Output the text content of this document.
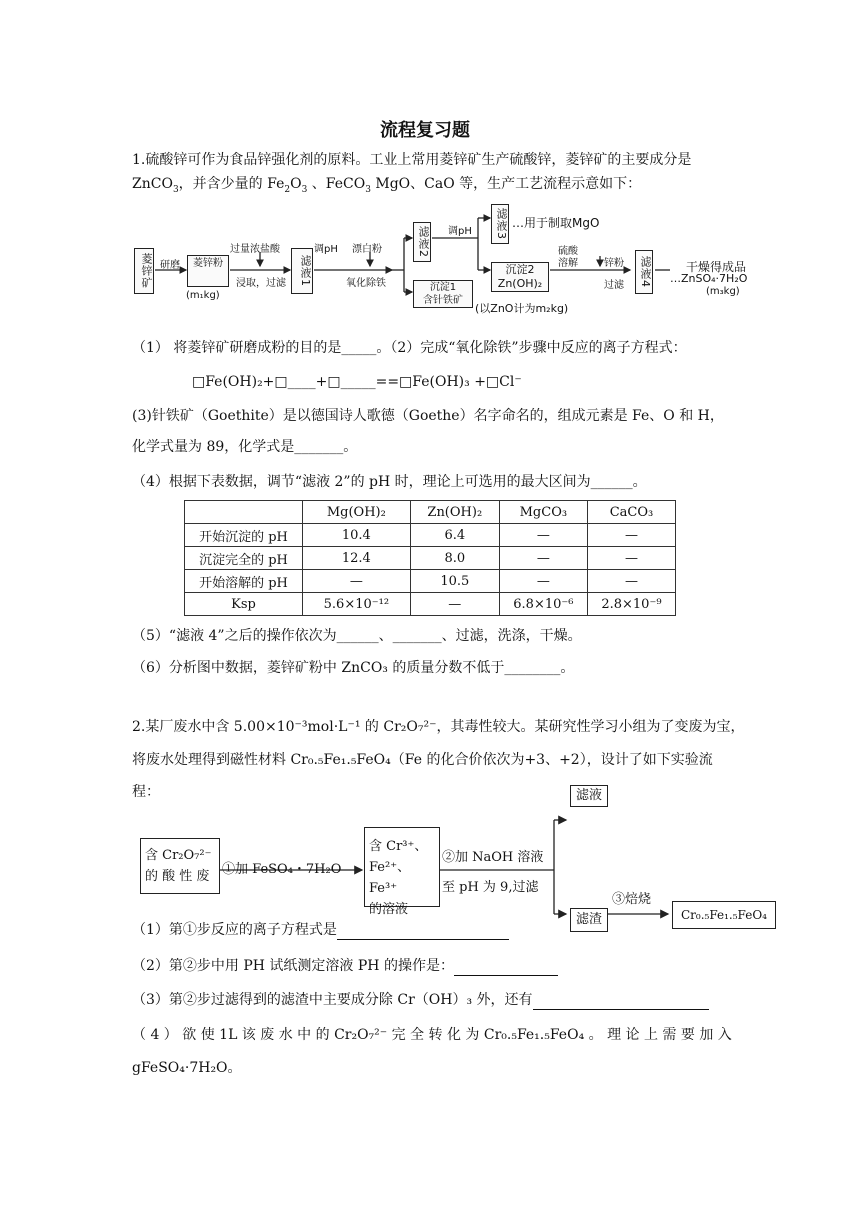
流程复习题
1.硫酸锌可作为食品锌强化剂的原料。工业上常用菱锌矿生产硫酸锌，菱锌矿的主要成分是
ZnCO$_3$，并含少量的 $Fe_2O_3$ 、FeCO$_3$ MgO、CaO 等，生产工艺流程示意如下：
菱锌矿 研磨	菱锌粉
(m₁kg)
过量浓盐酸
浸取，过滤	滤液1
调pH 漂白粉
氧化除铁
滤液2
沉淀1
含针铁矿
调pH	滤液3 …用于制取MgO
沉淀2
Zn(OH)₂
(以ZnO计为m₂kg)
硫酸
溶解	锌粉
过滤	滤液4	干燥得成品
…ZnSO₄·7H₂O
(m₃kg)
（1） 将菱锌矿研磨成粉的目的是_____。（2）完成“氧化除铁”步骤中反应的离子方程式：
□Fe(OH)₂+□____+□_____==□Fe(OH)₃ +□Cl⁻
(3)针铁矿（Goethite）是以德国诗人歌德（Goethe）名字命名的，组成元素是 Fe、O 和 H，
化学式量为 89，化学式是_______。
（4）根据下表数据，调节“滤液 2”的 pH 时，理论上可选用的最大区间为______。
	Mg(OH)₂	Zn(OH)₂	MgCO₃	CaCO₃
开始沉淀的 pH	10.4	6.4	—	—
沉淀完全的 pH	12.4	8.0	—	—
开始溶解的 pH	—	10.5	—	—
Ksp	5.6×10⁻¹²	—	6.8×10⁻⁶	2.8×10⁻⁹
（5）“滤液 4”之后的操作依次为______、_______、过滤，洗涤，干燥。
（6）分析图中数据，菱锌矿粉中 ZnCO₃ 的质量分数不低于________。
2.某厂废水中含 5.00×10⁻³mol·L⁻¹ 的 Cr₂O₇²⁻，其毒性较大。某研究性学习小组为了变废为宝，
将废水处理得到磁性材料 Cr₀.₅Fe₁.₅FeO₄（Fe 的化合价依次为+3、+2），设计了如下实验流
程：	滤液
含 Cr₂O₇²⁻
的 酸 性 废 ①加 FeSO₄・7H₂O
含 Cr³⁺、
Fe²⁺、Fe³⁺
的溶液
②加 NaOH 溶液
至 pH 为 9,过滤
滤渣
③焙烧
Cr₀.₅Fe₁.₅FeO₄
（1）第①步反应的离子方程式是
（2）第②步中用 PH 试纸测定溶液 PH 的操作是：
（3）第②步过滤得到的滤渣中主要成分除 Cr（OH）₃ 外，还有
（ 4 ） 欲 使 1L 该 废 水 中 的 Cr₂O₇²⁻ 完 全 转 化 为 Cr₀.₅Fe₁.₅FeO₄ 。 理 论 上 需 要 加 入
gFeSO₄·7H₂O。
